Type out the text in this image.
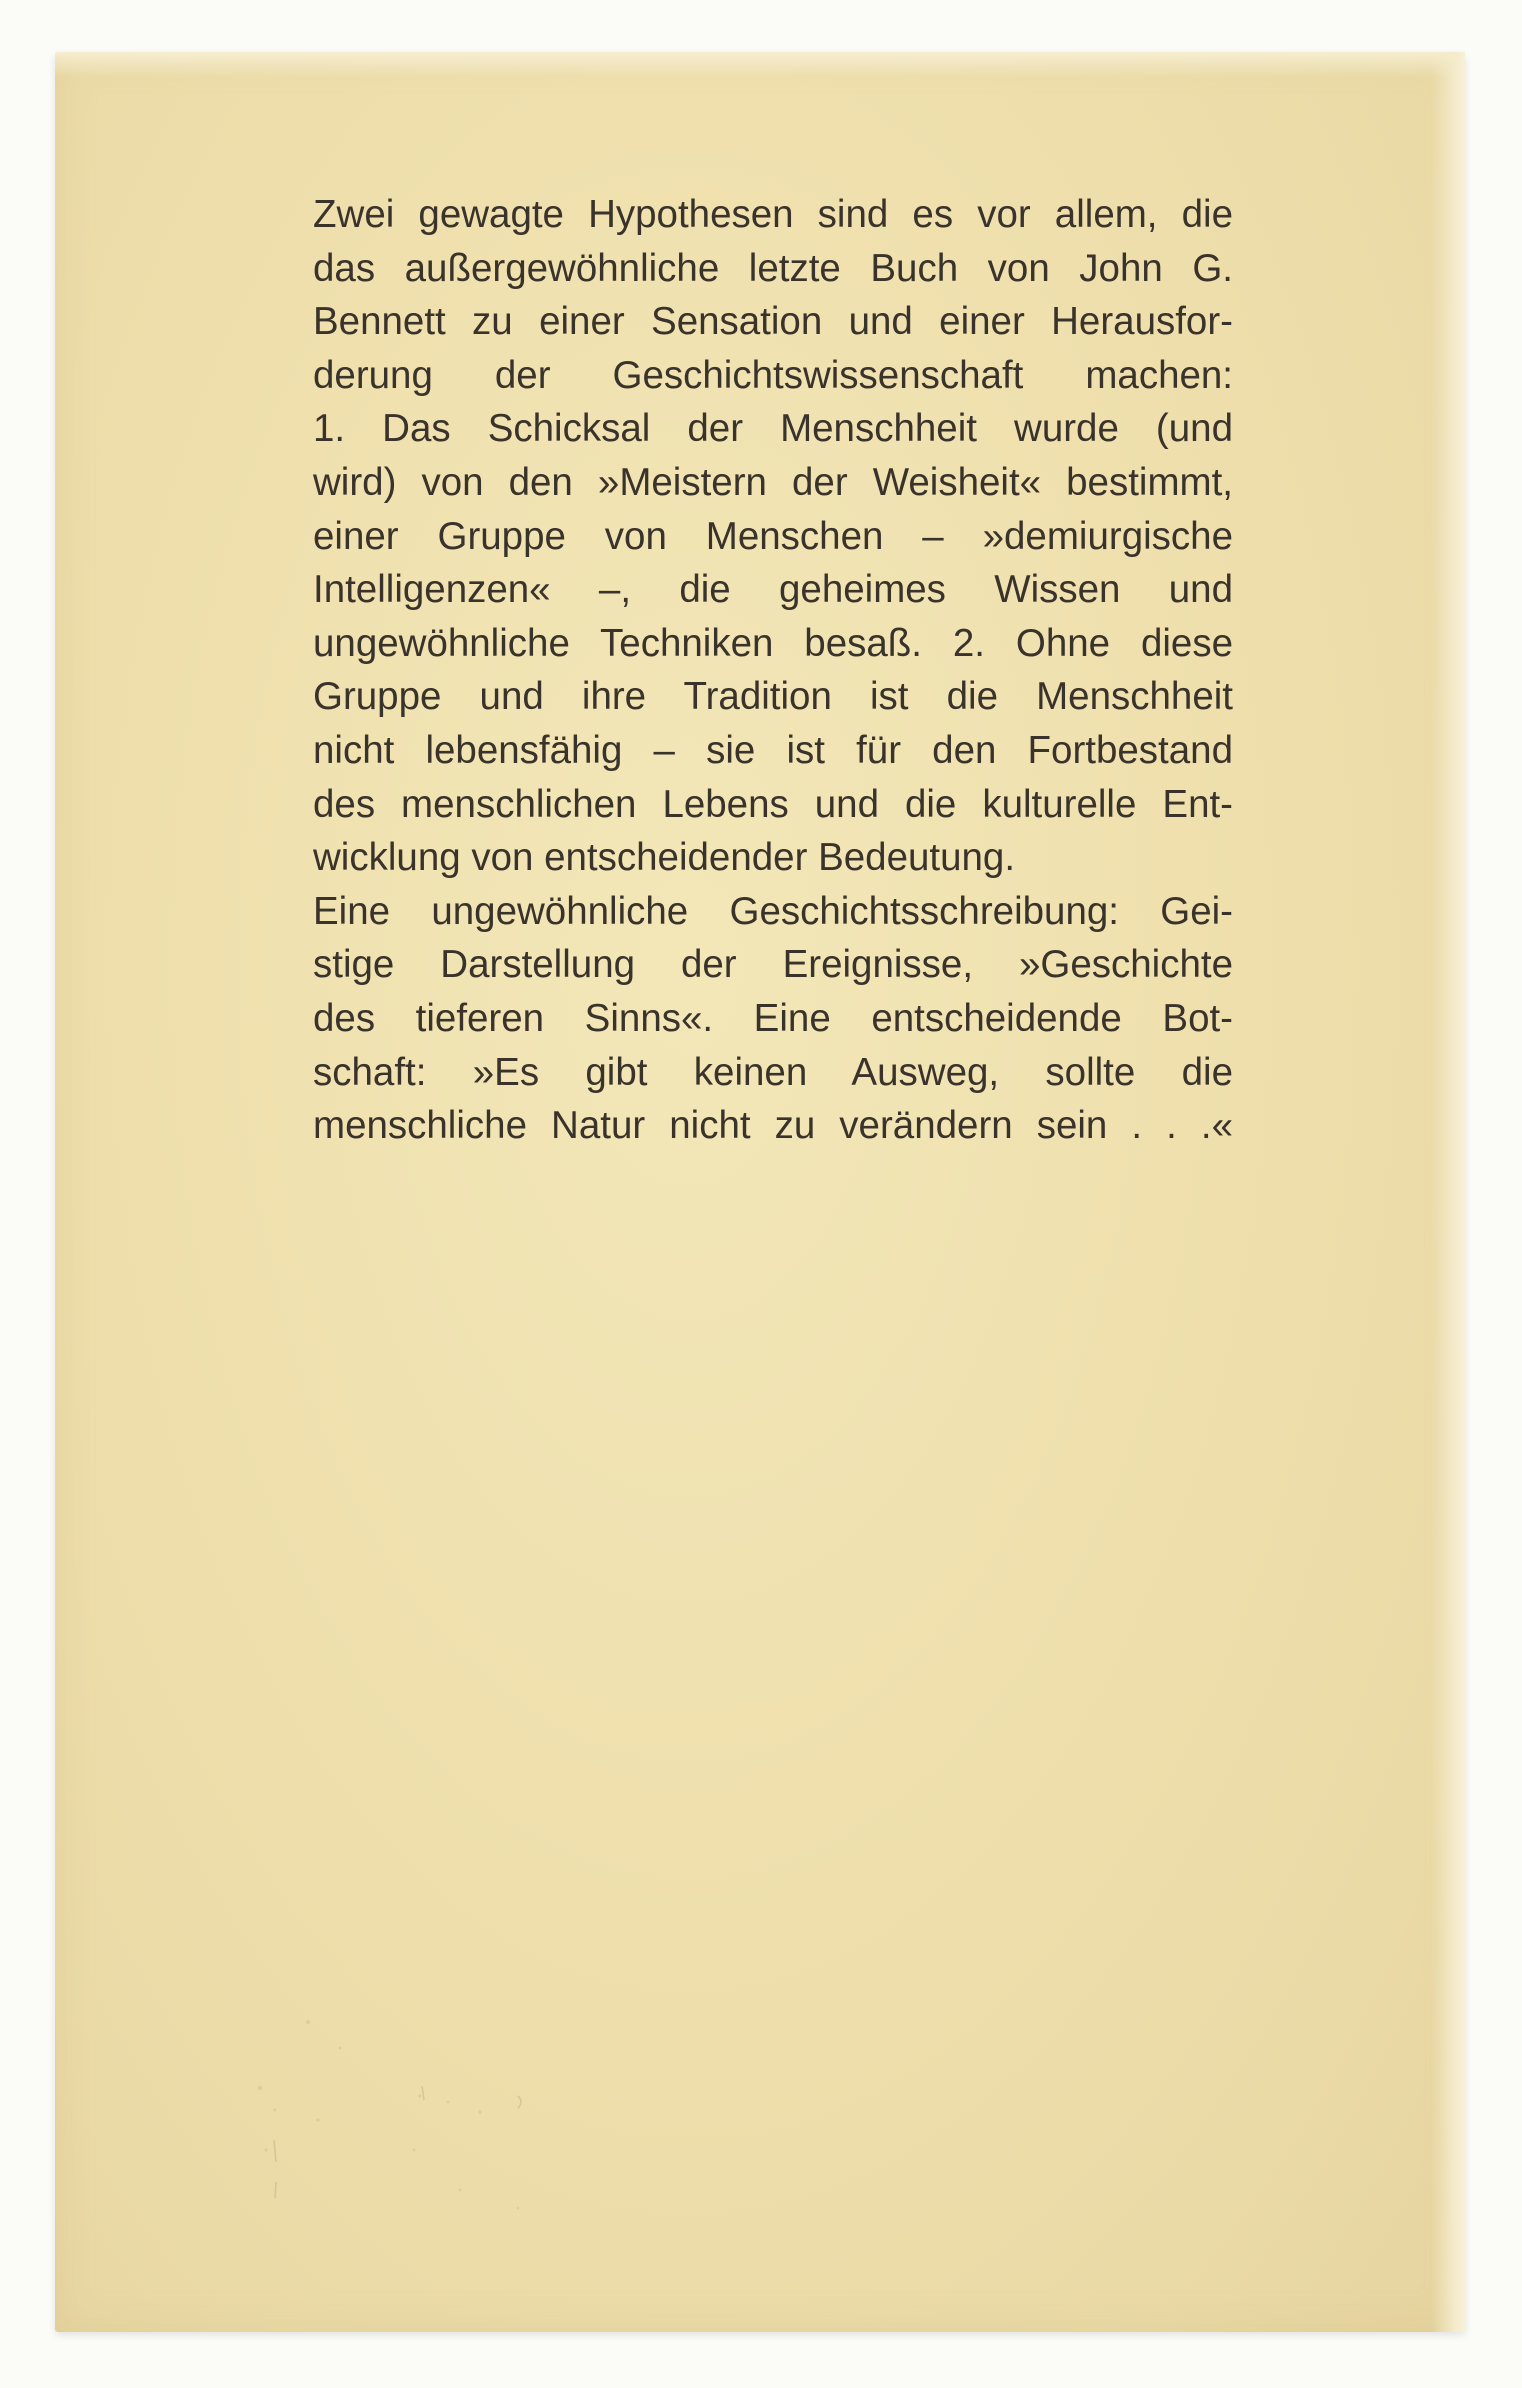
Zwei gewagte Hypothesen sind es vor allem, die
das außergewöhnliche letzte Buch von John G.
Bennett zu einer Sensation und einer Herausfor-
derung der Geschichtswissenschaft machen:
1. Das Schicksal der Menschheit wurde (und
wird) von den »Meistern der Weisheit« bestimmt,
einer Gruppe von Menschen – »demiurgische
Intelligenzen« –, die geheimes Wissen und
ungewöhnliche Techniken besaß. 2. Ohne diese
Gruppe und ihre Tradition ist die Menschheit
nicht lebensfähig – sie ist für den Fortbestand
des menschlichen Lebens und die kulturelle Ent-
wicklung von entscheidender Bedeutung.
Eine ungewöhnliche Geschichtsschreibung: Gei-
stige Darstellung der Ereignisse, »Geschichte
des tieferen Sinns«. Eine entscheidende Bot-
schaft: »Es gibt keinen Ausweg, sollte die
menschliche Natur nicht zu verändern sein . . .«
